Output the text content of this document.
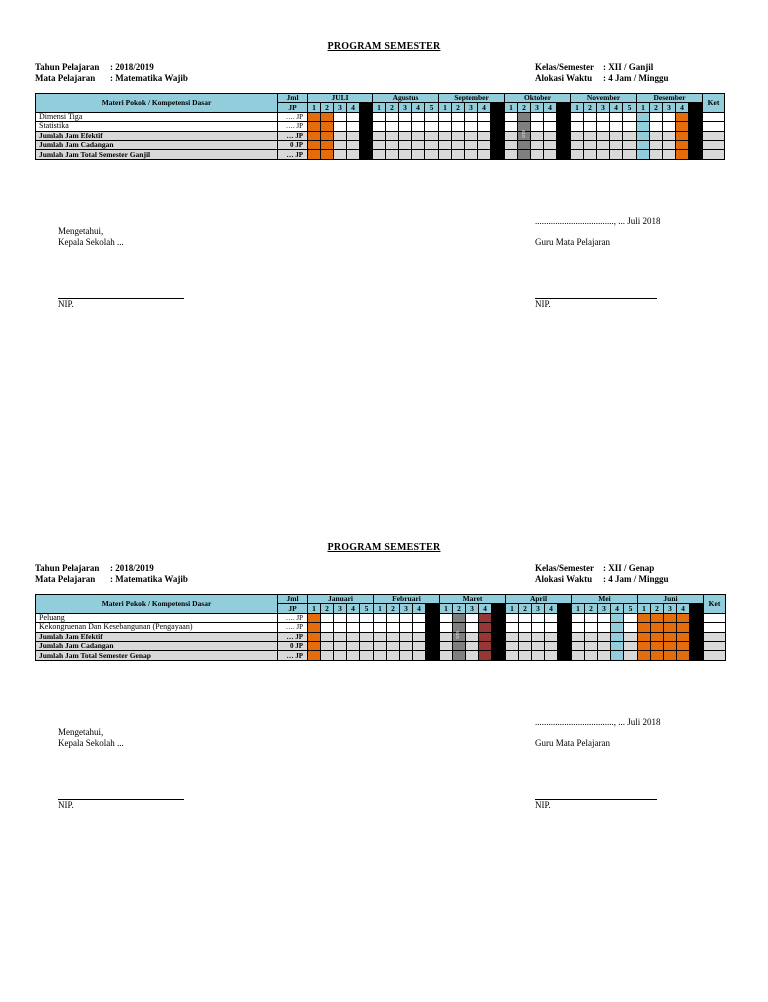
PROGRAM SEMESTER
Tahun Pelajaran : 2018/2019
Mata Pelajaran : Matematika Wajib
Kelas/Semester : XII / Ganjil
Alokasi Waktu : 4 Jam / Minggu
Materi Pokok / Kompetensi Dasar	Jml	JULI					Agustus					September					Oktober					November					Desember					Ket
	JP	1	2	3	4		1	2	3	4	5	1	2	3	4		1	2	3	4		1	2	3	4	5	1	2	3	4		
Dimensi Tiga	…. JP																															
Statistika	…. JP																															
Jumlah Jam Efektif	… JP																															
Jumlah Jam Cadangan	0 JP																															
Jumlah Jam Total Semester Ganjil	… JP																															
UTS
..................................., ... Juli 2018
Mengetahui,
Kepala Sekolah ...	Guru Mata Pelajaran
NIP.	NIP.
PROGRAM SEMESTER
Tahun Pelajaran : 2018/2019
Mata Pelajaran : Matematika Wajib
Kelas/Semester : XII / Genap
Alokasi Waktu : 4 Jam / Minggu
Materi Pokok / Kompetensi Dasar	Jml	Januari					Februari					Maret					April					Mei					Juni					Ket
	JP	1	2	3	4	5	1	2	3	4		1	2	3	4		1	2	3	4		1	2	3	4	5	1	2	3	4		
Peluang	…. JP																															
Kekongruenan Dan Kesebangunan (Pengayaan)	…. JP																															
Jumlah Jam Efektif	… JP																															
Jumlah Jam Cadangan	0 JP																															
Jumlah Jam Total Semester Genap	… JP																															
UTS
..................................., ... Juli 2018
Mengetahui,
Kepala Sekolah ...	Guru Mata Pelajaran
NIP.	NIP.
